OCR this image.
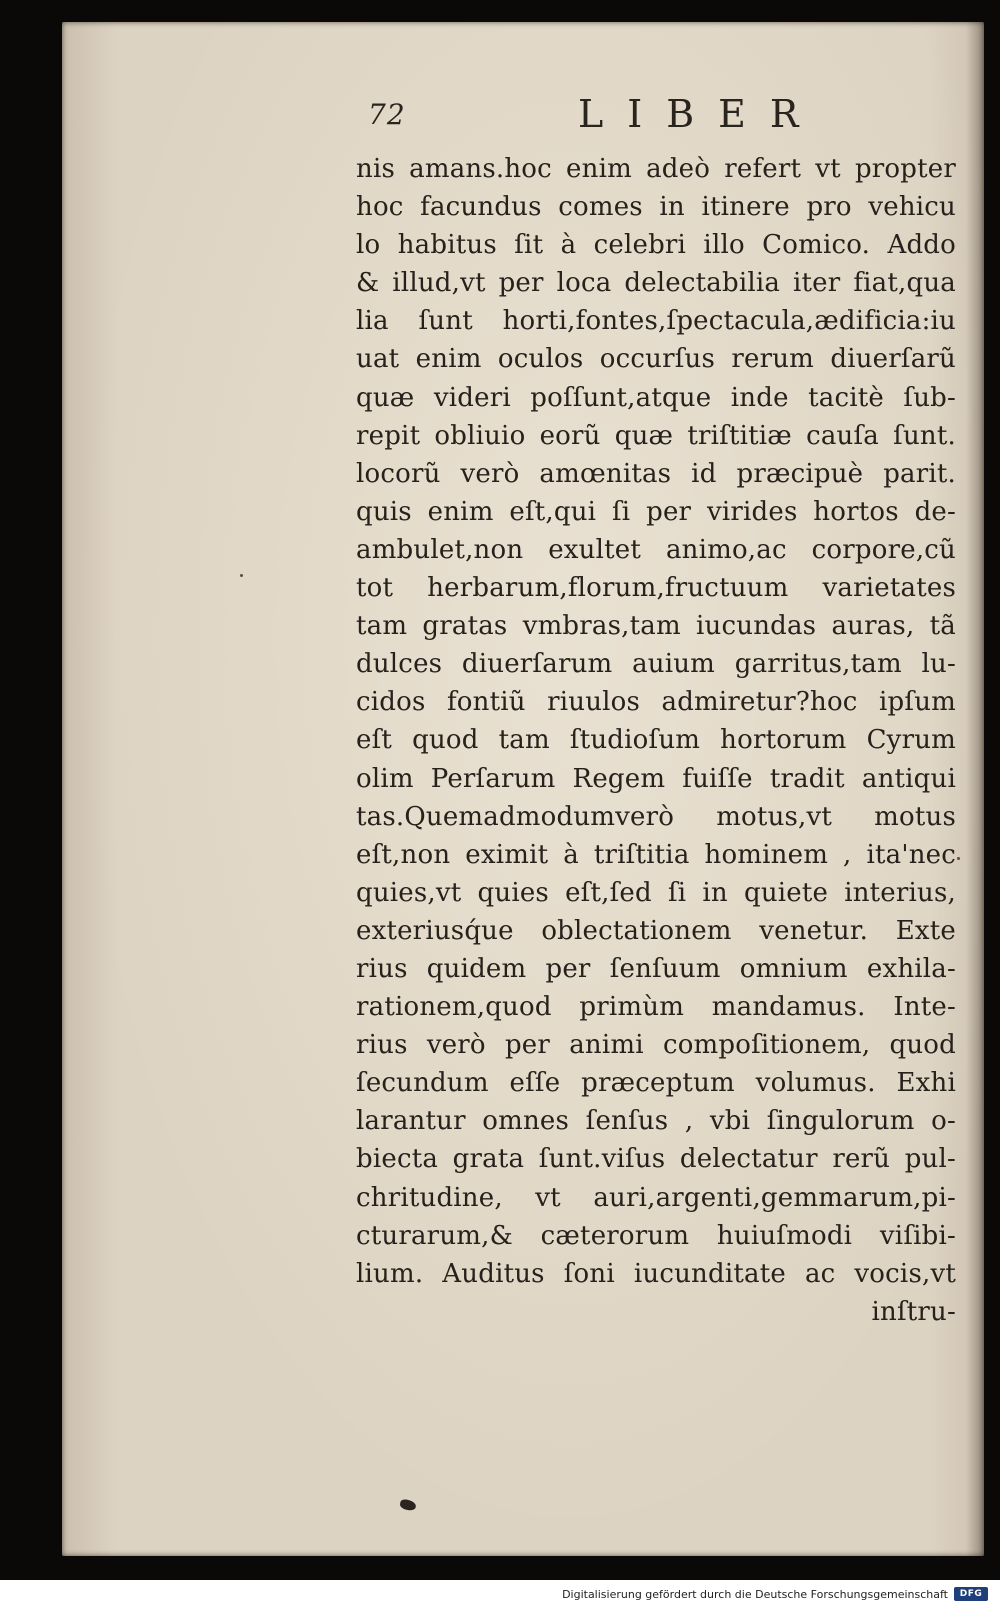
72	LIBER
nis amans.hoc enim adeò refert vt propter
hoc facundus comes in itinere pro vehicu
lo habitus ſit à celebri illo Comico. Addo
& illud,vt per loca delectabilia iter fiat,qua
lia ſunt horti,fontes,ſpectacula,ædificia:iu
uat enim oculos occurſus rerum diuerſarũ
quæ videri poſſunt,atque inde tacitè ſub-
repit obliuio eorũ quæ triſtitiæ cauſa ſunt.
locorũ verò amœnitas id præcipuè parit.
quis enim eſt,qui ſi per virides hortos de-
ambulet,non exultet animo,ac corpore,cũ
tot herbarum,florum,fructuum varietates
tam gratas vmbras,tam iucundas auras, tã
dulces diuerſarum auium garritus,tam lu-
cidos fontiũ riuulos admiretur?hoc ipſum
eſt quod tam ſtudioſum hortorum Cyrum
olim Perſarum Regem fuiſſe tradit antiqui
tas.Quemadmodumverò motus,vt motus
eſt,non eximit à triſtitia hominem , ita'nec
quies,vt quies eſt,ſed ſi in quiete interius,
exteriusq́ue oblectationem venetur. Exte
rius quidem per ſenſuum omnium exhila-
rationem,quod primùm mandamus. Inte-
rius verò per animi compoſitionem, quod
ſecundum eſſe præceptum volumus. Exhi
larantur omnes ſenſus , vbi ſingulorum o-
biecta grata ſunt.viſus delectatur rerũ pul-
chritudine, vt auri,argenti,gemmarum,pi-
cturarum,& cæterorum huiuſmodi viſibi-
lium. Auditus ſoni iucunditate ac vocis,vt
inſtru-
Digitalisierung gefördert durch die Deutsche Forschungsgemeinschaft DFG
